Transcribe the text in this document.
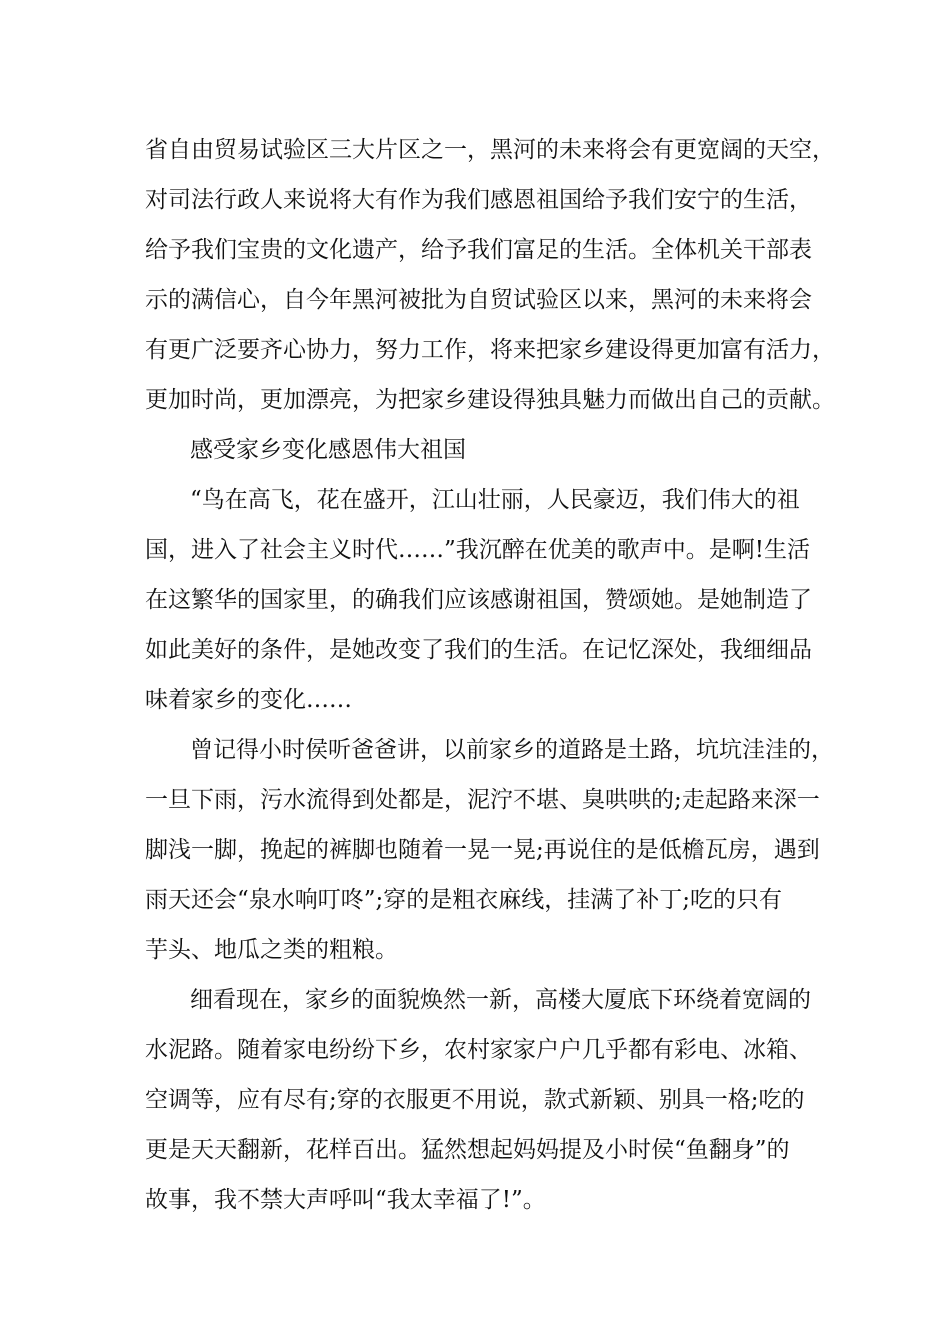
省自由贸易试验区三大片区之一，黑河的未来将会有更宽阔的天空，
对司法行政人来说将大有作为我们感恩祖国给予我们安宁的生活，
给予我们宝贵的文化遗产，给予我们富足的生活。全体机关干部表
示的满信心，自今年黑河被批为自贸试验区以来，黑河的未来将会
有更广泛要齐心协力，努力工作，将来把家乡建设得更加富有活力，
更加时尚，更加漂亮，为把家乡建设得独具魅力而做出自己的贡献。
感受家乡变化感恩伟大祖国
“鸟在高飞，花在盛开，江山壮丽，人民豪迈，我们伟大的祖
国，进入了社会主义时代……”我沉醉在优美的歌声中。是啊!生活
在这繁华的国家里，的确我们应该感谢祖国，赞颂她。是她制造了
如此美好的条件，是她改变了我们的生活。在记忆深处，我细细品
味着家乡的变化……
曾记得小时侯听爸爸讲，以前家乡的道路是土路，坑坑洼洼的，
一旦下雨，污水流得到处都是，泥泞不堪、臭哄哄的;走起路来深一
脚浅一脚，挽起的裤脚也随着一晃一晃;再说住的是低檐瓦房，遇到
雨天还会“泉水响叮咚”;穿的是粗衣麻线，挂满了补丁;吃的只有
芋头、地瓜之类的粗粮。
细看现在，家乡的面貌焕然一新，高楼大厦底下环绕着宽阔的
水泥路。随着家电纷纷下乡，农村家家户户几乎都有彩电、冰箱、
空调等，应有尽有;穿的衣服更不用说，款式新颖、别具一格;吃的
更是天天翻新，花样百出。猛然想起妈妈提及小时侯“鱼翻身”的
故事，我不禁大声呼叫“我太幸福了!”。
